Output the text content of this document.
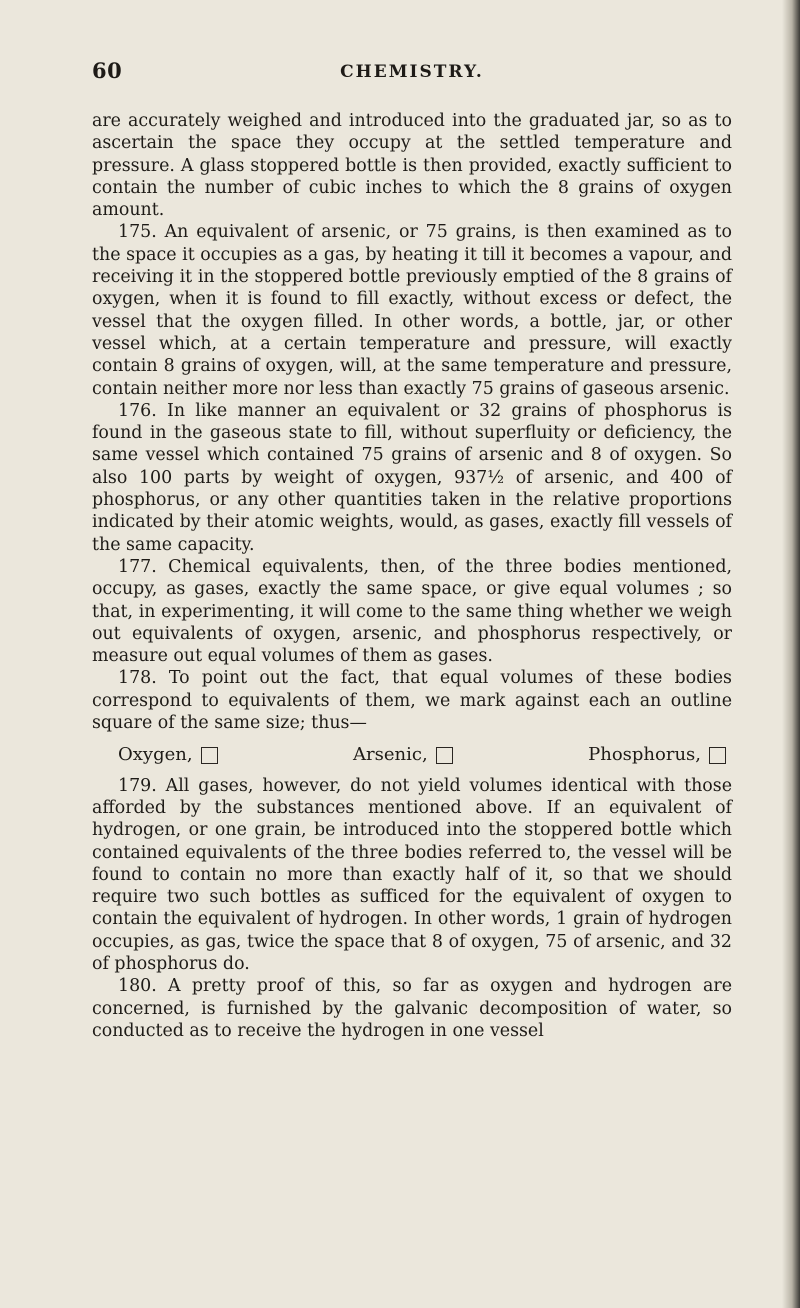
60	CHEMISTRY.

are accurately weighed and introduced into the graduated jar, so as to ascertain the space they occupy at the settled temperature and pressure. A glass stoppered bottle is then provided, exactly sufficient to contain the number of cubic inches to which the 8 grains of oxygen amount.

175. An equivalent of arsenic, or 75 grains, is then examined as to the space it occupies as a gas, by heating it till it becomes a vapour, and receiving it in the stoppered bottle previously emptied of the 8 grains of oxygen, when it is found to fill exactly, without excess or defect, the vessel that the oxygen filled. In other words, a bottle, jar, or other vessel which, at a certain temperature and pressure, will exactly contain 8 grains of oxygen, will, at the same temperature and pressure, contain neither more nor less than exactly 75 grains of gaseous arsenic.

176. In like manner an equivalent or 32 grains of phosphorus is found in the gaseous state to fill, without superfluity or deficiency, the same vessel which contained 75 grains of arsenic and 8 of oxygen. So also 100 parts by weight of oxygen, 937½ of arsenic, and 400 of phosphorus, or any other quantities taken in the relative proportions indicated by their atomic weights, would, as gases, exactly fill vessels of the same capacity.

177. Chemical equivalents, then, of the three bodies mentioned, occupy, as gases, exactly the same space, or give equal volumes ; so that, in experimenting, it will come to the same thing whether we weigh out equivalents of oxygen, arsenic, and phosphorus respectively, or measure out equal volumes of them as gases.

178. To point out the fact, that equal volumes of these bodies correspond to equivalents of them, we mark against each an outline square of the same size; thus—

Oxygen,	Arsenic,	Phosphorus,

179. All gases, however, do not yield volumes identical with those afforded by the substances mentioned above. If an equivalent of hydrogen, or one grain, be introduced into the stoppered bottle which contained equivalents of the three bodies referred to, the vessel will be found to contain no more than exactly half of it, so that we should require two such bottles as sufficed for the equivalent of oxygen to contain the equivalent of hydrogen. In other words, 1 grain of hydrogen occupies, as gas, twice the space that 8 of oxygen, 75 of arsenic, and 32 of phosphorus do.

180. A pretty proof of this, so far as oxygen and hydrogen are concerned, is furnished by the galvanic decomposition of water, so conducted as to receive the hydrogen in one vessel
